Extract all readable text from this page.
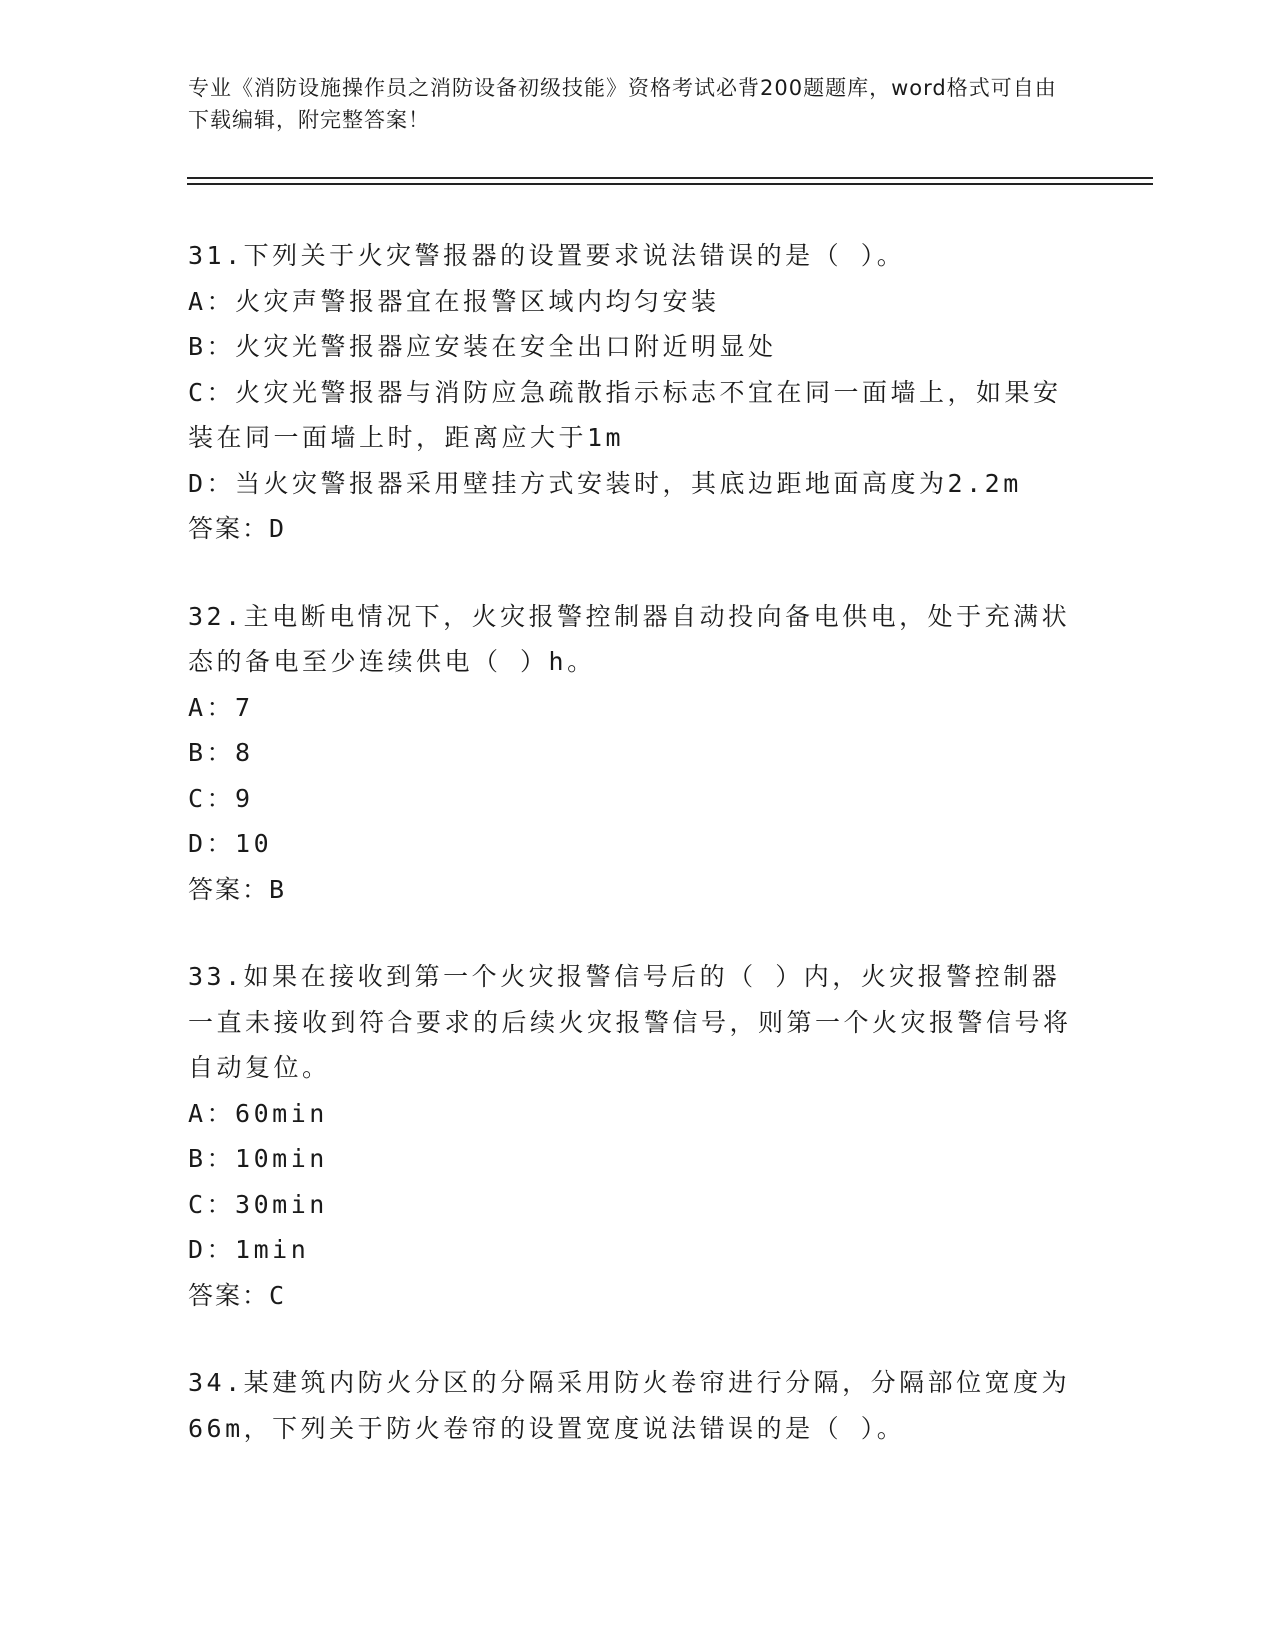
专业《消防设施操作员之消防设备初级技能》资格考试必背200题题库，word格式可自由下载编辑，附完整答案！
31.下列关于火灾警报器的设置要求说法错误的是（ ）。
A：火灾声警报器宜在报警区域内均匀安装
B：火灾光警报器应安装在安全出口附近明显处
C：火灾光警报器与消防应急疏散指示标志不宜在同一面墙上，如果安装在同一面墙上时，距离应大于1m
D：当火灾警报器采用壁挂方式安装时，其底边距地面高度为2.2m
答案：D
32.主电断电情况下，火灾报警控制器自动投向备电供电，处于充满状态的备电至少连续供电（ ）h。
A：7
B：8
C：9
D：10
答案：B
33.如果在接收到第一个火灾报警信号后的（ ）内，火灾报警控制器一直未接收到符合要求的后续火灾报警信号，则第一个火灾报警信号将自动复位。
A：60min
B：10min
C：30min
D：1min
答案：C
34.某建筑内防火分区的分隔采用防火卷帘进行分隔，分隔部位宽度为66m，下列关于防火卷帘的设置宽度说法错误的是（ ）。
